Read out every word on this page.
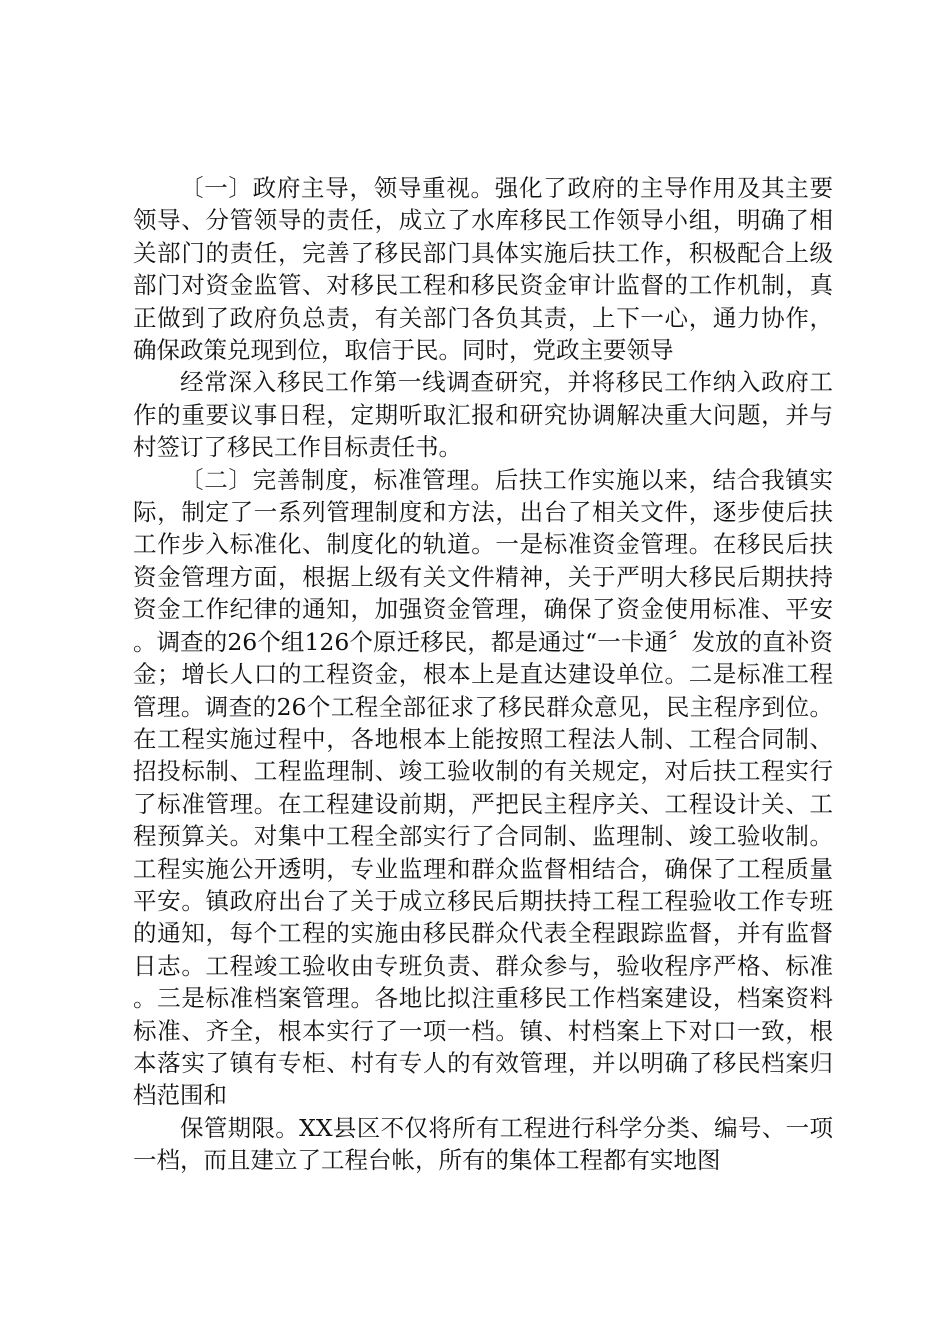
〔一〕政府主导，领导重视。强化了政府的主导作用及其主要领导、分管领导的责任，成立了水库移民工作领导小组，明确了相关部门的责任，完善了移民部门具体实施后扶工作，积极配合上级部门对资金监管、对移民工程和移民资金审计监督的工作机制，真正做到了政府负总责，有关部门各负其责，上下一心，通力协作，确保政策兑现到位，取信于民。同时，党政主要领导

经常深入移民工作第一线调查研究，并将移民工作纳入政府工作的重要议事日程，定期听取汇报和研究协调解决重大问题，并与村签订了移民工作目标责任书。

〔二〕完善制度，标准管理。后扶工作实施以来，结合我镇实际，制定了一系列管理制度和方法，出台了相关文件，逐步使后扶工作步入标准化、制度化的轨道。一是标准资金管理。在移民后扶资金管理方面，根据上级有关文件精神，关于严明大移民后期扶持资金工作纪律的通知，加强资金管理，确保了资金使用标准、平安。调查的26个组126个原迁移民，都是通过“一卡通〞发放的直补资金；增长人口的工程资金，根本上是直达建设单位。二是标准工程管理。调查的26个工程全部征求了移民群众意见，民主程序到位。在工程实施过程中，各地根本上能按照工程法人制、工程合同制、招投标制、工程监理制、竣工验收制的有关规定，对后扶工程实行了标准管理。在工程建设前期，严把民主程序关、工程设计关、工程预算关。对集中工程全部实行了合同制、监理制、竣工验收制。工程实施公开透明，专业监理和群众监督相结合，确保了工程质量平安。镇政府出台了关于成立移民后期扶持工程工程验收工作专班的通知，每个工程的实施由移民群众代表全程跟踪监督，并有监督日志。工程竣工验收由专班负责、群众参与，验收程序严格、标准。三是标准档案管理。各地比拟注重移民工作档案建设，档案资料标准、齐全，根本实行了一项一档。镇、村档案上下对口一致，根本落实了镇有专柜、村有专人的有效管理，并以明确了移民档案归档范围和

保管期限。XX县区不仅将所有工程进行科学分类、编号、一项一档，而且建立了工程台帐，所有的集体工程都有实地图
